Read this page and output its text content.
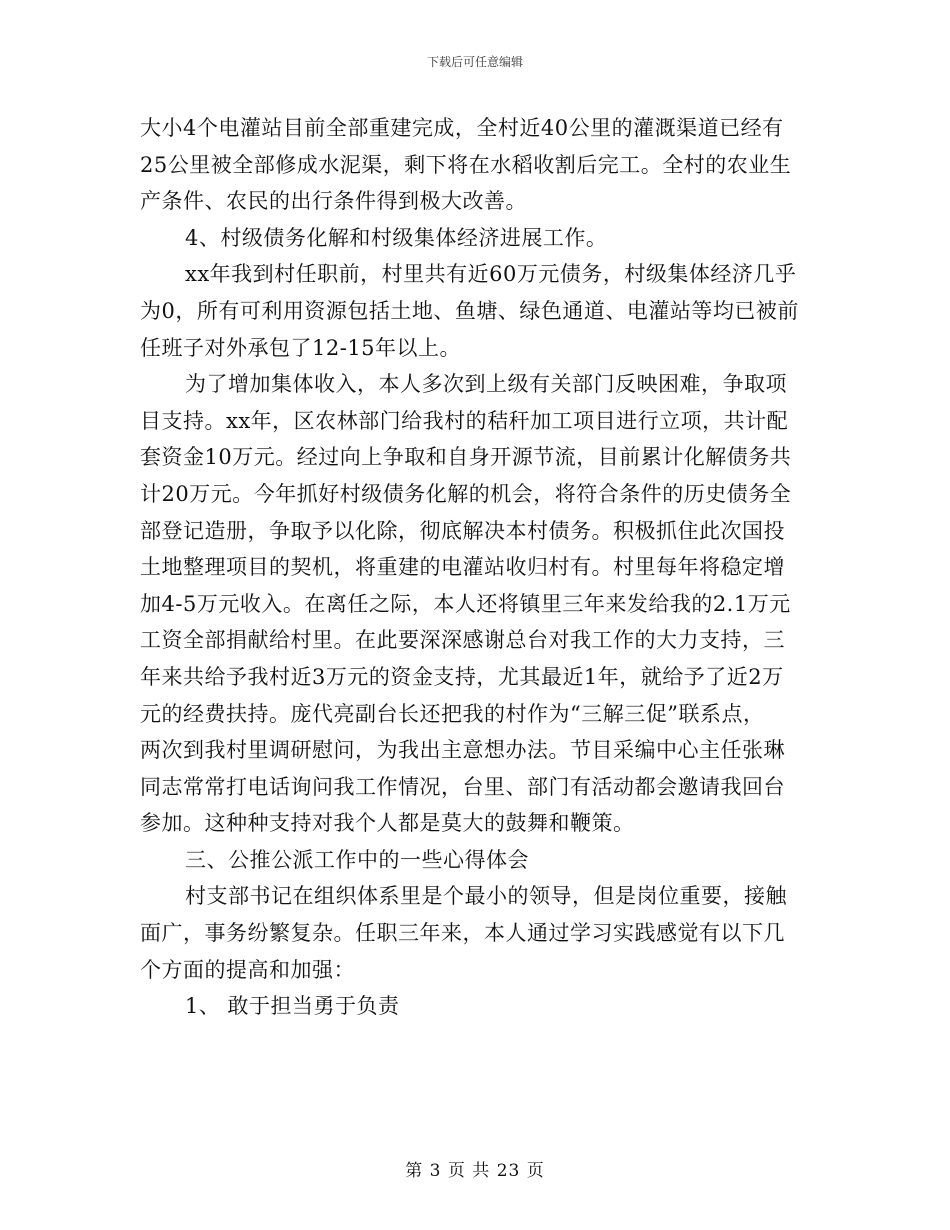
下载后可任意编辑
大小4个电灌站目前全部重建完成，全村近40公里的灌溉渠道已经有
25公里被全部修成水泥渠，剩下将在水稻收割后完工。全村的农业生
产条件、农民的出行条件得到极大改善。
4、村级债务化解和村级集体经济进展工作。
xx年我到村任职前，村里共有近60万元债务，村级集体经济几乎
为0，所有可利用资源包括土地、鱼塘、绿色通道、电灌站等均已被前
任班子对外承包了12-15年以上。
为了增加集体收入，本人多次到上级有关部门反映困难，争取项
目支持。xx年，区农林部门给我村的秸秆加工项目进行立项，共计配
套资金10万元。经过向上争取和自身开源节流，目前累计化解债务共
计20万元。今年抓好村级债务化解的机会，将符合条件的历史债务全
部登记造册，争取予以化除，彻底解决本村债务。积极抓住此次国投
土地整理项目的契机，将重建的电灌站收归村有。村里每年将稳定增
加4-5万元收入。在离任之际，本人还将镇里三年来发给我的2.1万元
工资全部捐献给村里。在此要深深感谢总台对我工作的大力支持，三
年来共给予我村近3万元的资金支持，尤其最近1年，就给予了近2万
元的经费扶持。庞代亮副台长还把我的村作为“三解三促”联系点，
两次到我村里调研慰问，为我出主意想办法。节目采编中心主任张琳
同志常常打电话询问我工作情况，台里、部门有活动都会邀请我回台
参加。这种种支持对我个人都是莫大的鼓舞和鞭策。
三、公推公派工作中的一些心得体会
村支部书记在组织体系里是个最小的领导，但是岗位重要，接触
面广，事务纷繁复杂。任职三年来，本人通过学习实践感觉有以下几
个方面的提高和加强：
1、 敢于担当勇于负责
第 3 页 共 23 页
